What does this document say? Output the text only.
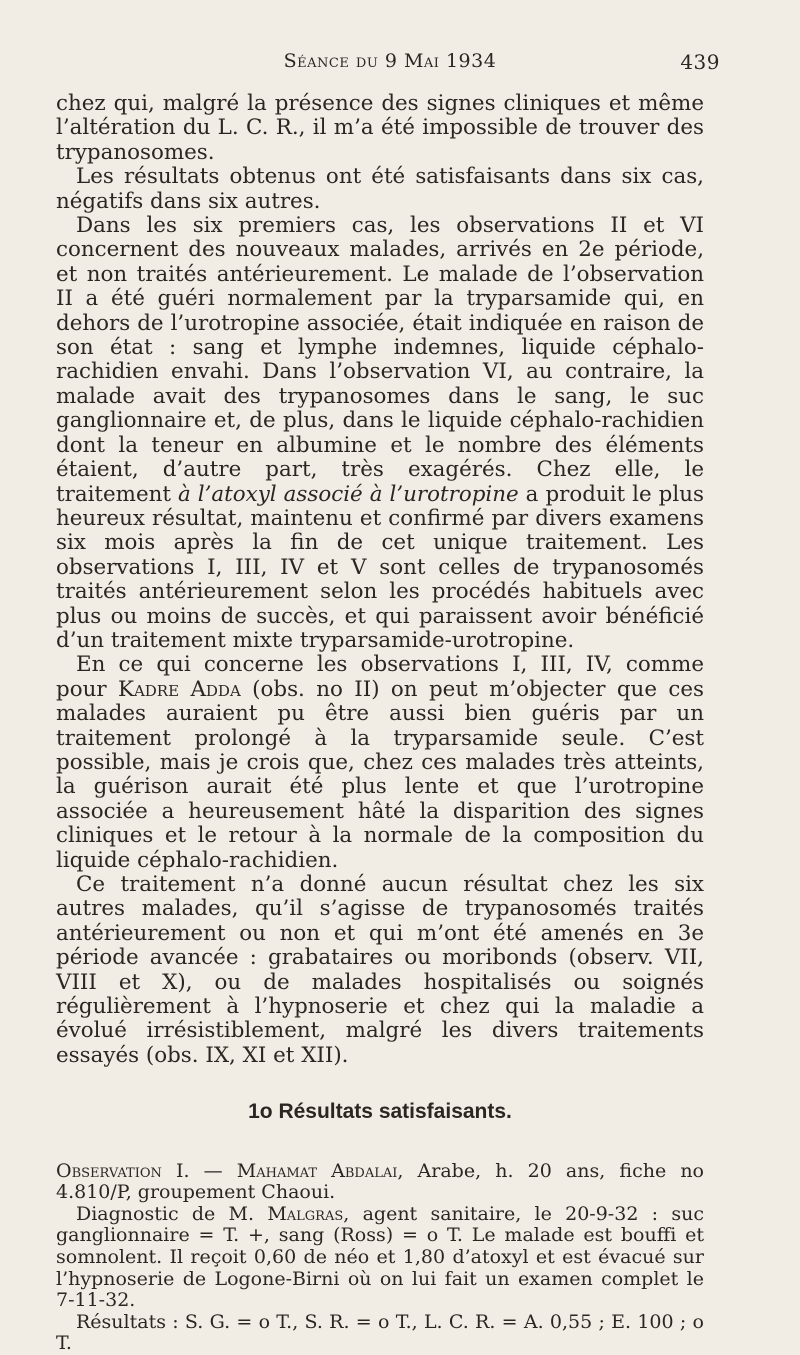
Séance du 9 Mai 1934	439

chez qui, malgré la présence des signes cliniques et même l’altération du L. C. R., il m’a été impossible de trouver des trypanosomes.

Les résultats obtenus ont été satisfaisants dans six cas, négatifs dans six autres.

Dans les six premiers cas, les observations II et VI concernent des nouveaux malades, arrivés en 2e période, et non traités antérieurement. Le malade de l’observation II a été guéri normalement par la tryparsamide qui, en dehors de l’urotropine associée, était indiquée en raison de son état : sang et lymphe indemnes, liquide céphalo-rachidien envahi. Dans l’observation VI, au contraire, la malade avait des trypanosomes dans le sang, le suc ganglionnaire et, de plus, dans le liquide céphalo-rachidien dont la teneur en albumine et le nombre des éléments étaient, d’autre part, très exagérés. Chez elle, le traitement à l’atoxyl associé à l’urotropine a produit le plus heureux résultat, maintenu et confirmé par divers examens six mois après la fin de cet unique traitement. Les observations I, III, IV et V sont celles de trypanosomés traités antérieurement selon les procédés habituels avec plus ou moins de succès, et qui paraissent avoir bénéficié d’un traitement mixte tryparsamide-urotropine.

En ce qui concerne les observations I, III, IV, comme pour Kadre Adda (obs. no II) on peut m’objecter que ces malades auraient pu être aussi bien guéris par un traitement prolongé à la tryparsamide seule. C’est possible, mais je crois que, chez ces malades très atteints, la guérison aurait été plus lente et que l’urotropine associée a heureusement hâté la disparition des signes cliniques et le retour à la normale de la composition du liquide céphalo-rachidien.

Ce traitement n’a donné aucun résultat chez les six autres malades, qu’il s’agisse de trypanosomés traités antérieurement ou non et qui m’ont été amenés en 3e période avancée : grabataires ou moribonds (observ. VII, VIII et X), ou de malades hospitalisés ou soignés régulièrement à l’hypnoserie et chez qui la maladie a évolué irrésistiblement, malgré les divers traitements essayés (obs. IX, XI et XII).

1o Résultats satisfaisants.

Observation I. — Mahamat Abdalai, Arabe, h. 20 ans, fiche no 4.810/P, groupement Chaoui.

Diagnostic de M. Malgras, agent sanitaire, le 20-9-32 : suc ganglionnaire = T. +, sang (Ross) = o T. Le malade est bouffi et somnolent. Il reçoit 0,60 de néo et 1,80 d’atoxyl et est évacué sur l’hypnoserie de Logone-Birni où on lui fait un examen complet le 7-11-32.

Résultats : S. G. = o T., S. R. = o T., L. C. R. = A. 0,55 ; E. 100 ; o T.
